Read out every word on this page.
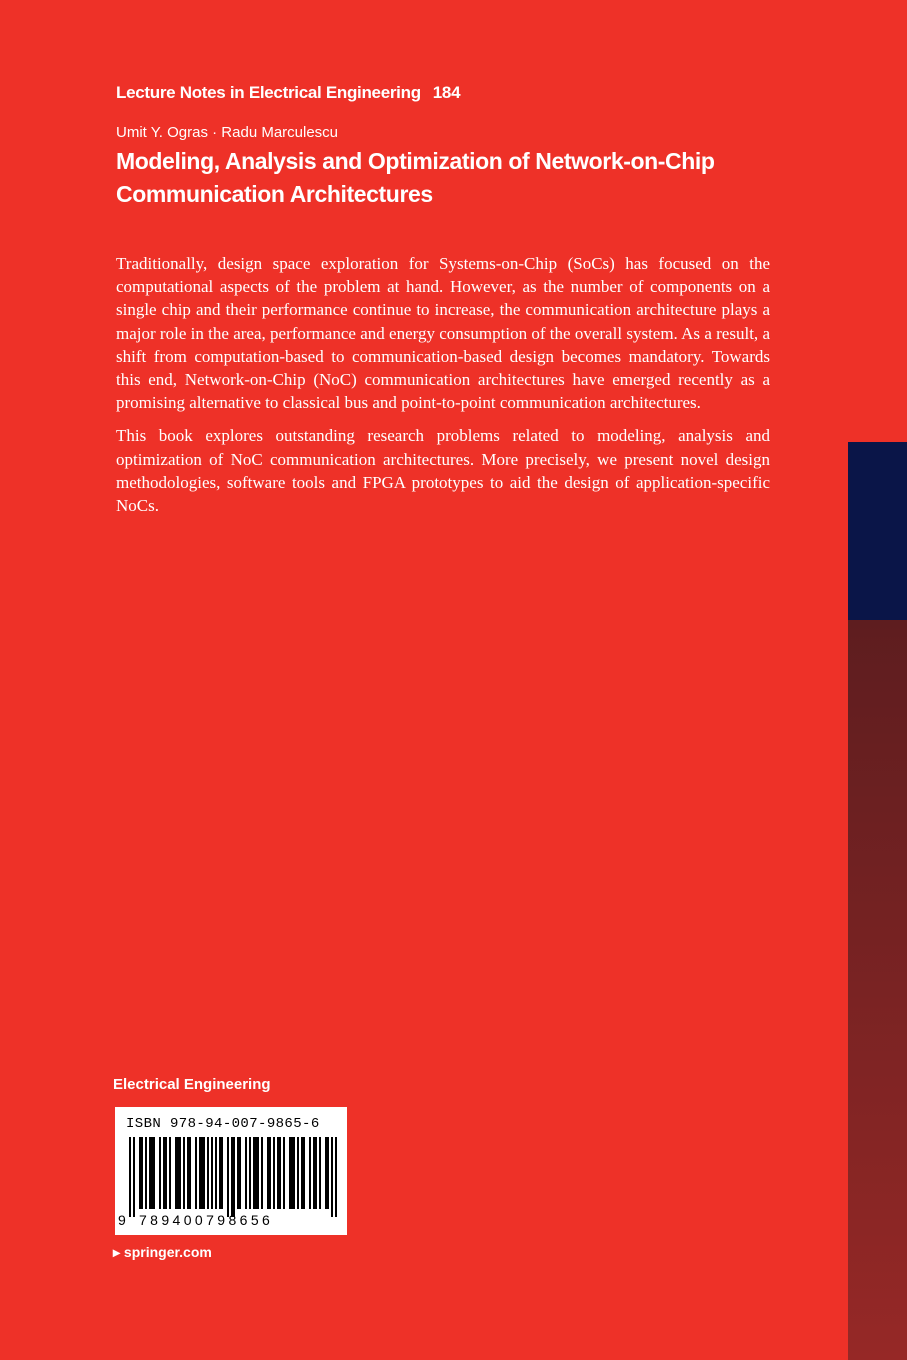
Lecture Notes in Electrical Engineering 184
Umit Y. Ogras · Radu Marculescu
Modeling, Analysis and Optimization of Network-on-Chip
Communication Architectures

Traditionally, design space exploration for Systems-on-Chip (SoCs) has focused on the computational aspects of the problem at hand. However, as the number of components on a single chip and their performance continue to increase, the communication architecture plays a major role in the area, performance and energy consumption of the overall system. As a result, a shift from computation-based to communication-based design becomes mandatory. Towards this end, Network-on-Chip (NoC) communication architectures have emerged recently as a promising alternative to classical bus and point-to-point communication architectures.

This book explores outstanding research problems related to modeling, analysis and optimization of NoC communication architectures. More precisely, we present novel design methodologies, software tools and FPGA prototypes to aid the design of application-specific NoCs.

Electrical Engineering
ISBN 978-94-007-9865-6
9 789400798656
▸ springer.com
